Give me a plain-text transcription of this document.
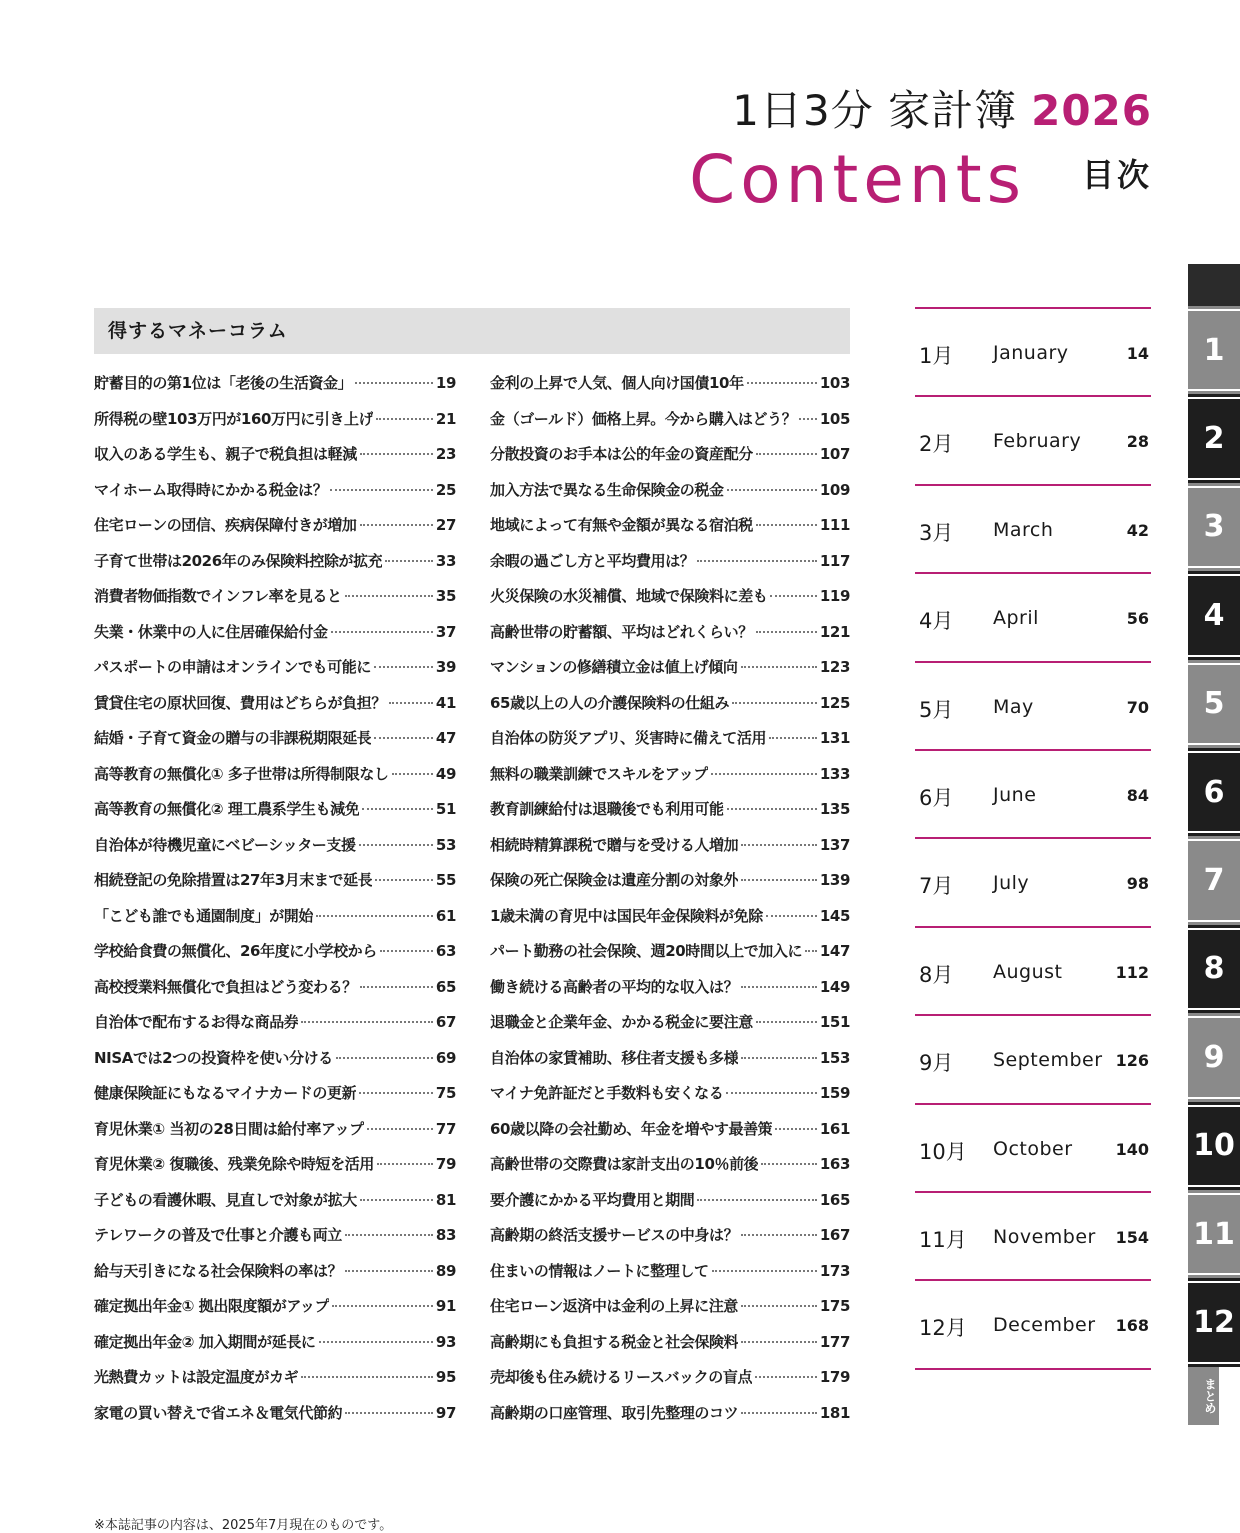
1日3分 家計簿 2026
Contents 目次
得するマネーコラム
貯蓄目的の第1位は「老後の生活資金」	19
所得税の壁103万円が160万円に引き上げ	21
収入のある学生も、親子で税負担は軽減	23
マイホーム取得時にかかる税金は？	25
住宅ローンの団信、疾病保障付きが増加	27
子育て世帯は2026年のみ保険料控除が拡充	33
消費者物価指数でインフレ率を見ると	35
失業・休業中の人に住居確保給付金	37
パスポートの申請はオンラインでも可能に	39
賃貸住宅の原状回復、費用はどちらが負担？	41
結婚・子育て資金の贈与の非課税期限延長	47
高等教育の無償化① 多子世帯は所得制限なし	49
高等教育の無償化② 理工農系学生も減免	51
自治体が待機児童にベビーシッター支援	53
相続登記の免除措置は27年3月末まで延長	55
「こども誰でも通園制度」が開始	61
学校給食費の無償化、26年度に小学校から	63
高校授業料無償化で負担はどう変わる？	65
自治体で配布するお得な商品券	67
NISAでは2つの投資枠を使い分ける	69
健康保険証にもなるマイナカードの更新	75
育児休業① 当初の28日間は給付率アップ	77
育児休業② 復職後、残業免除や時短を活用	79
子どもの看護休暇、見直しで対象が拡大	81
テレワークの普及で仕事と介護も両立	83
給与天引きになる社会保険料の率は？	89
確定拠出年金① 拠出限度額がアップ	91
確定拠出年金② 加入期間が延長に	93
光熱費カットは設定温度がカギ	95
家電の買い替えで省エネ＆電気代節約	97
金利の上昇で人気、個人向け国債10年	103
金（ゴールド）価格上昇。今から購入はどう？ 105
分散投資のお手本は公的年金の資産配分	107
加入方法で異なる生命保険金の税金	109
地域によって有無や金額が異なる宿泊税	111
余暇の過ごし方と平均費用は？	117
火災保険の水災補償、地域で保険料に差も	119
高齢世帯の貯蓄額、平均はどれくらい？	121
マンションの修繕積立金は値上げ傾向	123
65歳以上の人の介護保険料の仕組み	125
自治体の防災アプリ、災害時に備えて活用	131
無料の職業訓練でスキルをアップ	133
教育訓練給付は退職後でも利用可能	135
相続時精算課税で贈与を受ける人増加	137
保険の死亡保険金は遺産分割の対象外	139
1歳未満の育児中は国民年金保険料が免除	145
パート勤務の社会保険、週20時間以上で加入に 147
働き続ける高齢者の平均的な収入は？	149
退職金と企業年金、かかる税金に要注意	151
自治体の家賃補助、移住者支援も多様	153
マイナ免許証だと手数料も安くなる	159
60歳以降の会社勤め、年金を増やす最善策	161
高齢世帯の交際費は家計支出の10％前後	163
要介護にかかる平均費用と期間	165
高齢期の終活支援サービスの中身は？	167
住まいの情報はノートに整理して	173
住宅ローン返済中は金利の上昇に注意	175
高齢期にも負担する税金と社会保険料	177
売却後も住み続けるリースバックの盲点	179
高齢期の口座管理、取引先整理のコツ	181
※本誌記事の内容は、2025年7月現在のものです。
1月 January	14
2月 February	28
3月 March	42
4月 April	56
5月 May	70
6月 June	84
7月 July	98
8月 August	112
9月 September 126
10月 October	140
11月 November 154
12月 December 168
1
2
3
4
5
6
7
8
9
10
11
12
まとめ
